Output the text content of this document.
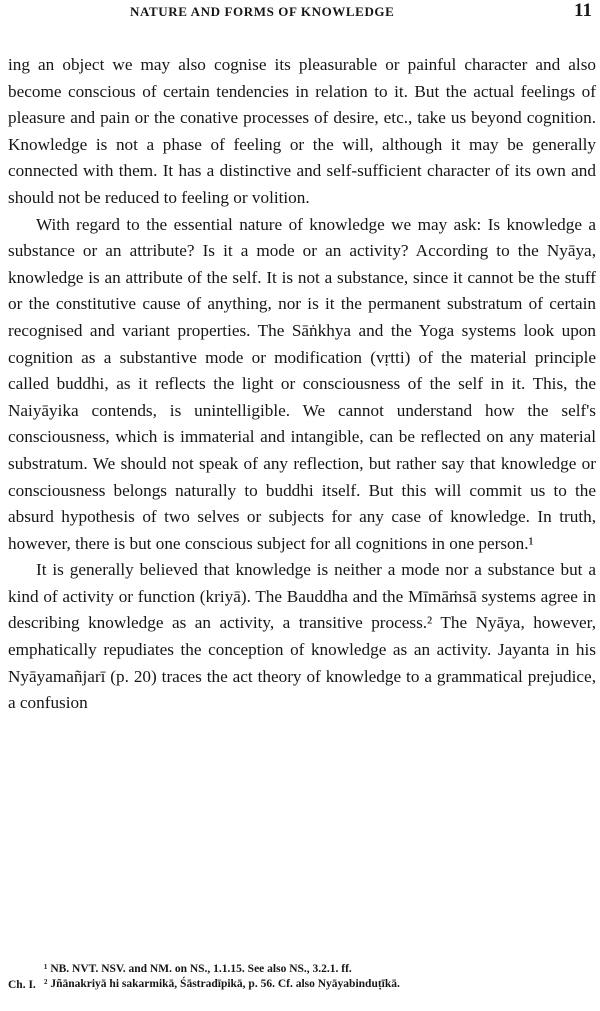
NATURE AND FORMS OF KNOWLEDGE	11

ing an object we may also cognise its pleasurable or painful character and also become conscious of certain tendencies in relation to it. But the actual feelings of pleasure and pain or the conative processes of desire, etc., take us beyond cognition. Knowledge is not a phase of feeling or the will, although it may be generally connected with them. It has a distinctive and self-sufficient character of its own and should not be reduced to feeling or volition.

With regard to the essential nature of knowledge we may ask: Is knowledge a substance or an attribute? Is it a mode or an activity? According to the Nyāya, knowledge is an attribute of the self. It is not a substance, since it cannot be the stuff or the constitutive cause of anything, nor is it the permanent substratum of certain recognised and variant properties. The Sāṅkhya and the Yoga systems look upon cognition as a substantive mode or modification (vṛtti) of the material principle called buddhi, as it reflects the light or consciousness of the self in it. This, the Naiyāyika contends, is unintelligible. We cannot understand how the self's consciousness, which is immaterial and intangible, can be reflected on any material substratum. We should not speak of any reflection, but rather say that knowledge or consciousness belongs naturally to buddhi itself. But this will commit us to the absurd hypothesis of two selves or subjects for any case of knowledge. In truth, however, there is but one conscious subject for all cognitions in one person.¹

It is generally believed that knowledge is neither a mode nor a substance but a kind of activity or function (kriyā). The Bauddha and the Mīmāṁsā systems agree in describing knowledge as an activity, a transitive process.² The Nyāya, however, emphatically repudiates the conception of knowledge as an activity. Jayanta in his Nyāyamañjarī (p. 20) traces the act theory of knowledge to a grammatical prejudice, a confusion

¹ NB. NVT. NSV. and NM. on NS., 1.1.15. See also NS., 3.2.1. ff.

² Jñānakriyā hi sakarmikā, Śāstradīpikā, p. 56. Cf. also Nyāyabinduṭīkā.

Ch. I.
